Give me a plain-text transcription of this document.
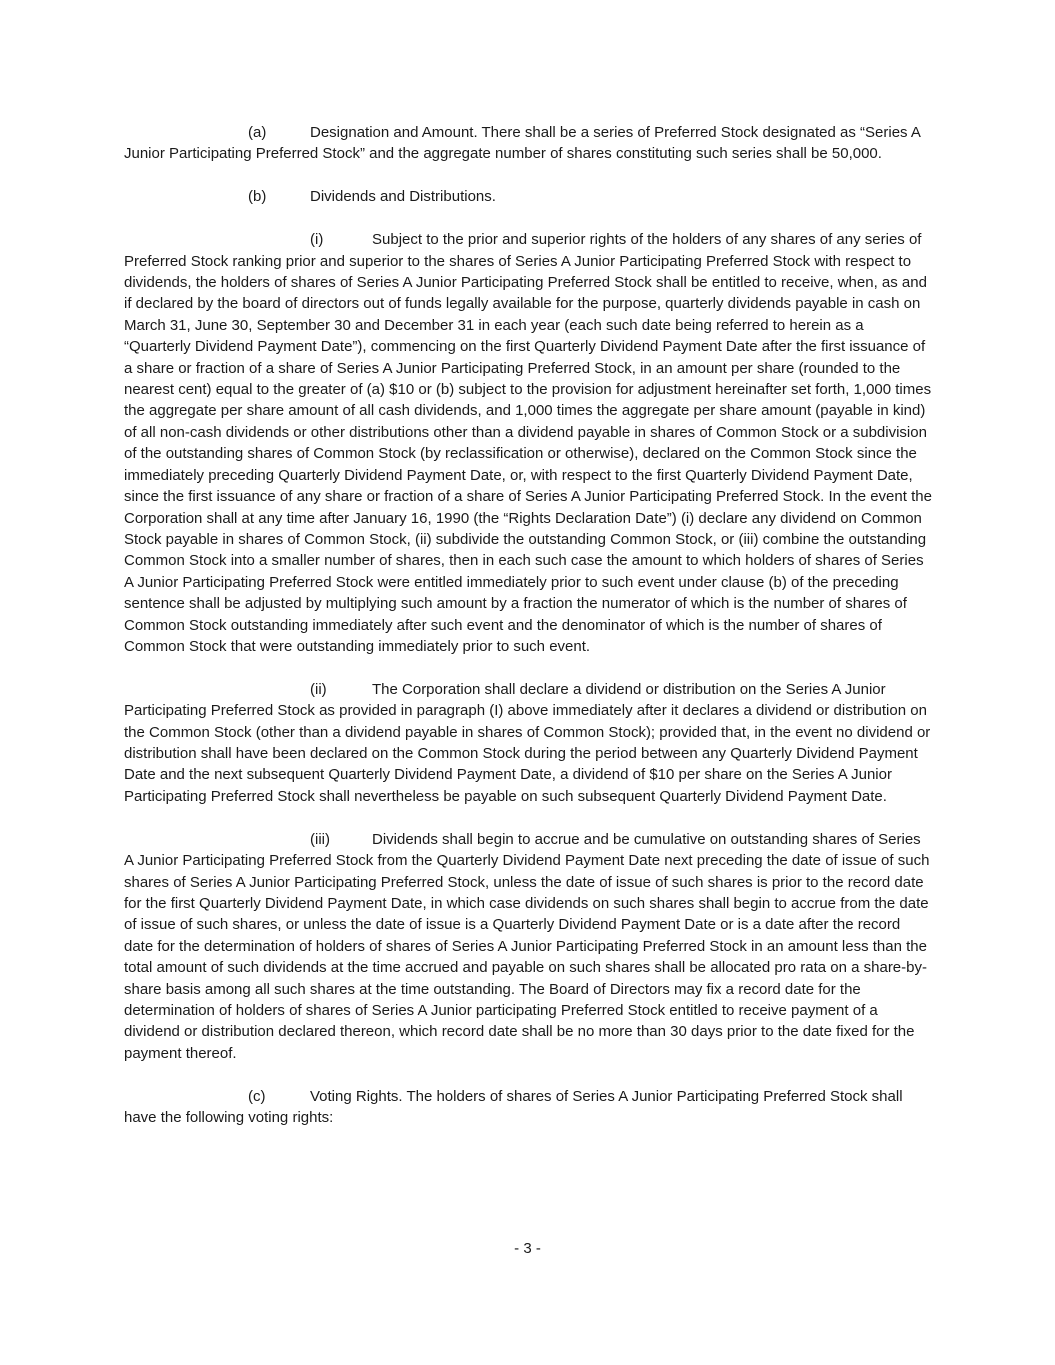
(a)	Designation and Amount. There shall be a series of Preferred Stock designated as “Series A Junior Participating Preferred Stock” and the aggregate number of shares constituting such series shall be 50,000.

(b)	Dividends and Distributions.

(i)	Subject to the prior and superior rights of the holders of any shares of any series of Preferred Stock ranking prior and superior to the shares of Series A Junior Participating Preferred Stock with respect to dividends, the holders of shares of Series A Junior Participating Preferred Stock shall be entitled to receive, when, as and if declared by the board of directors out of funds legally available for the purpose, quarterly dividends payable in cash on March 31, June 30, September 30 and December 31 in each year (each such date being referred to herein as a “Quarterly Dividend Payment Date”), commencing on the first Quarterly Dividend Payment Date after the first issuance of a share or fraction of a share of Series A Junior Participating Preferred Stock, in an amount per share (rounded to the nearest cent) equal to the greater of (a) $10 or (b) subject to the provision for adjustment hereinafter set forth, 1,000 times the aggregate per share amount of all cash dividends, and 1,000 times the aggregate per share amount (payable in kind) of all non-cash dividends or other distributions other than a dividend payable in shares of Common Stock or a subdivision of the outstanding shares of Common Stock (by reclassification or otherwise), declared on the Common Stock since the immediately preceding Quarterly Dividend Payment Date, or, with respect to the first Quarterly Dividend Payment Date, since the first issuance of any share or fraction of a share of Series A Junior Participating Preferred Stock. In the event the Corporation shall at any time after January 16, 1990 (the “Rights Declaration Date”) (i) declare any dividend on Common Stock payable in shares of Common Stock, (ii) subdivide the outstanding Common Stock, or (iii) combine the outstanding Common Stock into a smaller number of shares, then in each such case the amount to which holders of shares of Series A Junior Participating Preferred Stock were entitled immediately prior to such event under clause (b) of the preceding sentence shall be adjusted by multiplying such amount by a fraction the numerator of which is the number of shares of Common Stock outstanding immediately after such event and the denominator of which is the number of shares of Common Stock that were outstanding immediately prior to such event.

(ii)	The Corporation shall declare a dividend or distribution on the Series A Junior Participating Preferred Stock as provided in paragraph (I) above immediately after it declares a dividend or distribution on the Common Stock (other than a dividend payable in shares of Common Stock); provided that, in the event no dividend or distribution shall have been declared on the Common Stock during the period between any Quarterly Dividend Payment Date and the next subsequent Quarterly Dividend Payment Date, a dividend of $10 per share on the Series A Junior Participating Preferred Stock shall nevertheless be payable on such subsequent Quarterly Dividend Payment Date.

(iii)	Dividends shall begin to accrue and be cumulative on outstanding shares of Series A Junior Participating Preferred Stock from the Quarterly Dividend Payment Date next preceding the date of issue of such shares of Series A Junior Participating Preferred Stock, unless the date of issue of such shares is prior to the record date for the first Quarterly Dividend Payment Date, in which case dividends on such shares shall begin to accrue from the date of issue of such shares, or unless the date of issue is a Quarterly Dividend Payment Date or is a date after the record date for the determination of holders of shares of Series A Junior Participating Preferred Stock in an amount less than the total amount of such dividends at the time accrued and payable on such shares shall be allocated pro rata on a share-by-share basis among all such shares at the time outstanding. The Board of Directors may fix a record date for the determination of holders of shares of Series A Junior participating Preferred Stock entitled to receive payment of a dividend or distribution declared thereon, which record date shall be no more than 30 days prior to the date fixed for the payment thereof.

(c)	Voting Rights. The holders of shares of Series A Junior Participating Preferred Stock shall have the following voting rights:

- 3 -
